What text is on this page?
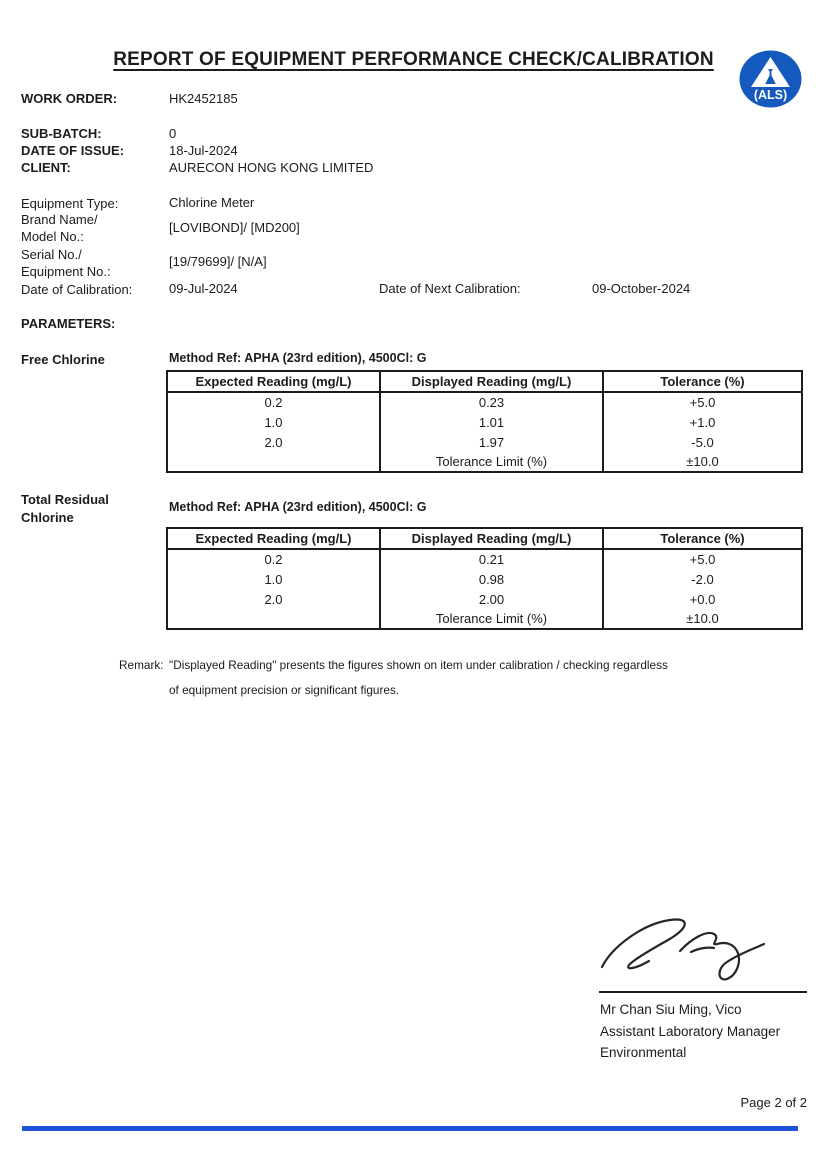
REPORT OF EQUIPMENT PERFORMANCE CHECK/CALIBRATION
(ALS)
WORK ORDER:	HK2452185
SUB-BATCH:	0
DATE OF ISSUE:	18-Jul-2024
CLIENT:	AURECON HONG KONG LIMITED
Equipment Type:	Chlorine Meter
Brand Name/
Model No.:
[LOVIBOND]/ [MD200]
Serial No./
Equipment No.:
[19/79699]/ [N/A]
Date of Calibration:	09-Jul-2024	Date of Next Calibration:	09-October-2024
PARAMETERS:
Free Chlorine	Method Ref: APHA (23rd edition), 4500Cl: G
Expected Reading (mg/L)	Displayed Reading (mg/L)	Tolerance (%)
0.2	0.23	+5.0
1.0	1.01	+1.0
2.0	1.97	-5.0
	Tolerance Limit (%)	±10.0
Total Residual
Chlorine
Method Ref: APHA (23rd edition), 4500Cl: G
Expected Reading (mg/L)	Displayed Reading (mg/L)	Tolerance (%)
0.2	0.21	+5.0
1.0	0.98	-2.0
2.0	2.00	+0.0
	Tolerance Limit (%)	±10.0
Remark: "Displayed Reading" presents the figures shown on item under calibration / checking regardless
of equipment precision or significant figures.
Mr Chan Siu Ming, Vico
Assistant Laboratory Manager
Environmental
Page 2 of 2
